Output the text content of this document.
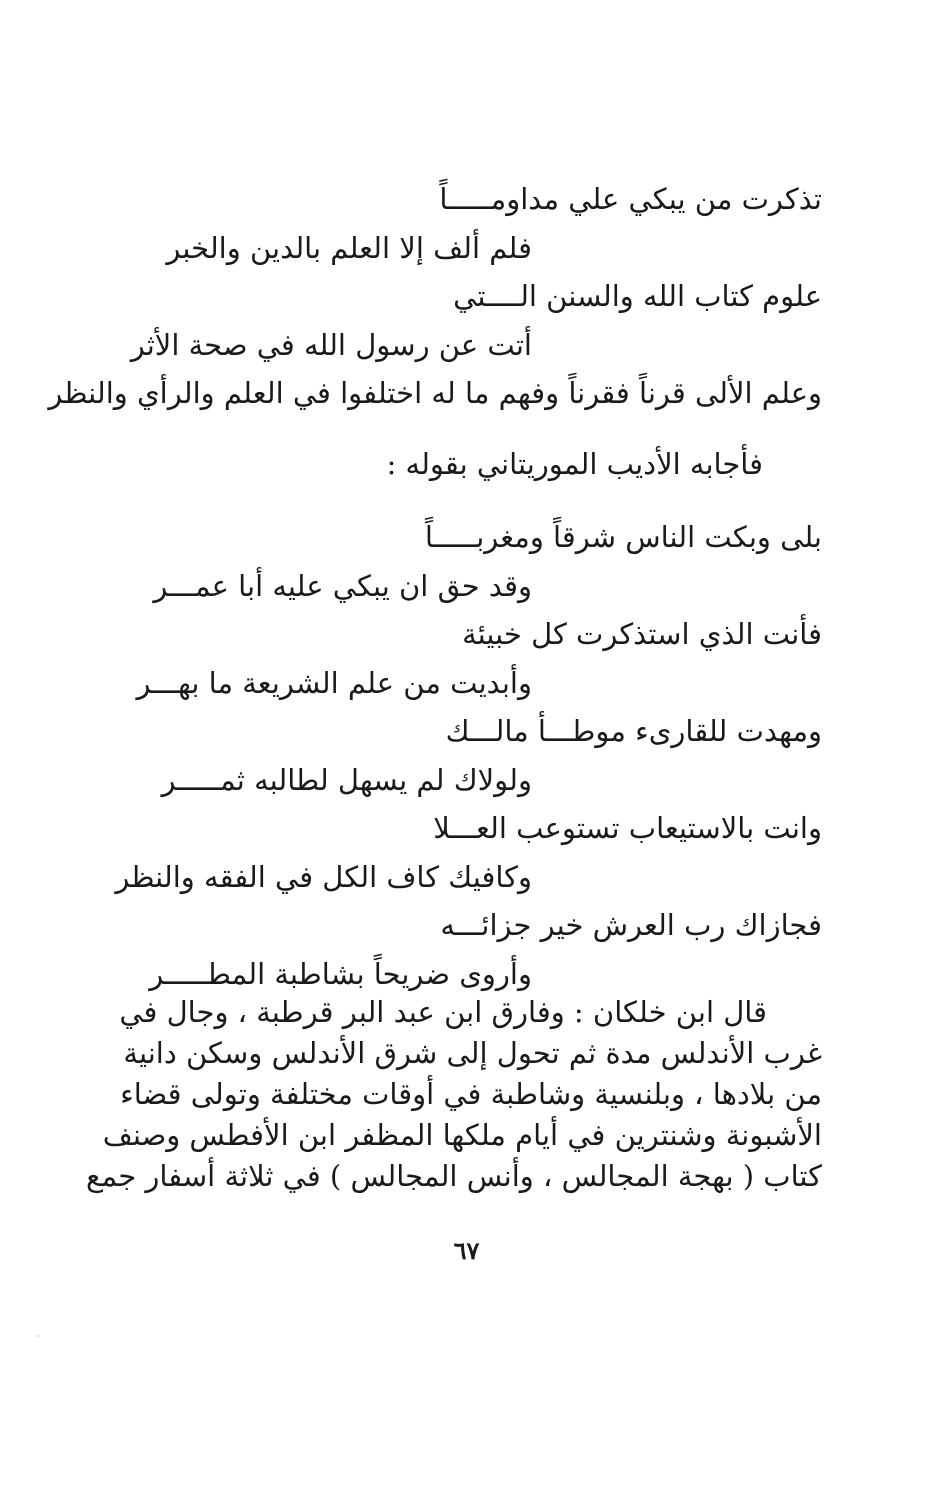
تذكرت من يبكي علي مداومـــــاً
فلم ألف إلا العلم بالدين والخبر
علوم كتاب الله والسنن الــــتي
أتت عن رسول الله في صحة الأثر
وعلم الألى قرناً فقرناً وفهم ما له اختلفوا في العلم والرأي والنظر
فأجابه الأديب الموريتاني بقوله :
بلى وبكت الناس شرقاً ومغربـــــاً
وقد حق ان يبكي عليه أبا عمـــر
فأنت الذي استذكرت كل خبيئة
وأبديت من علم الشريعة ما بهـــر
ومهدت للقارىء موطـــأ مالـــك
ولولاك لم يسهل لطالبه ثمـــــر
وانت بالاستيعاب تستوعب العـــلا
وكافيك كاف الكل في الفقه والنظر
فجازاك رب العرش خير جزائـــه
وأروى ضريحاً بشاطبة المطـــــر
قال ابن خلكان : وفارق ابن عبد البر قرطبة ، وجال في
غرب الأندلس مدة ثم تحول إلى شرق الأندلس وسكن دانية
من بلادها ، وبلنسية وشاطبة في أوقات مختلفة وتولى قضاء
الأشبونة وشنترين في أيام ملكها المظفر ابن الأفطس وصنف
كتاب ( بهجة المجالس ، وأنس المجالس ) في ثلاثة أسفار جمع
٦٧
